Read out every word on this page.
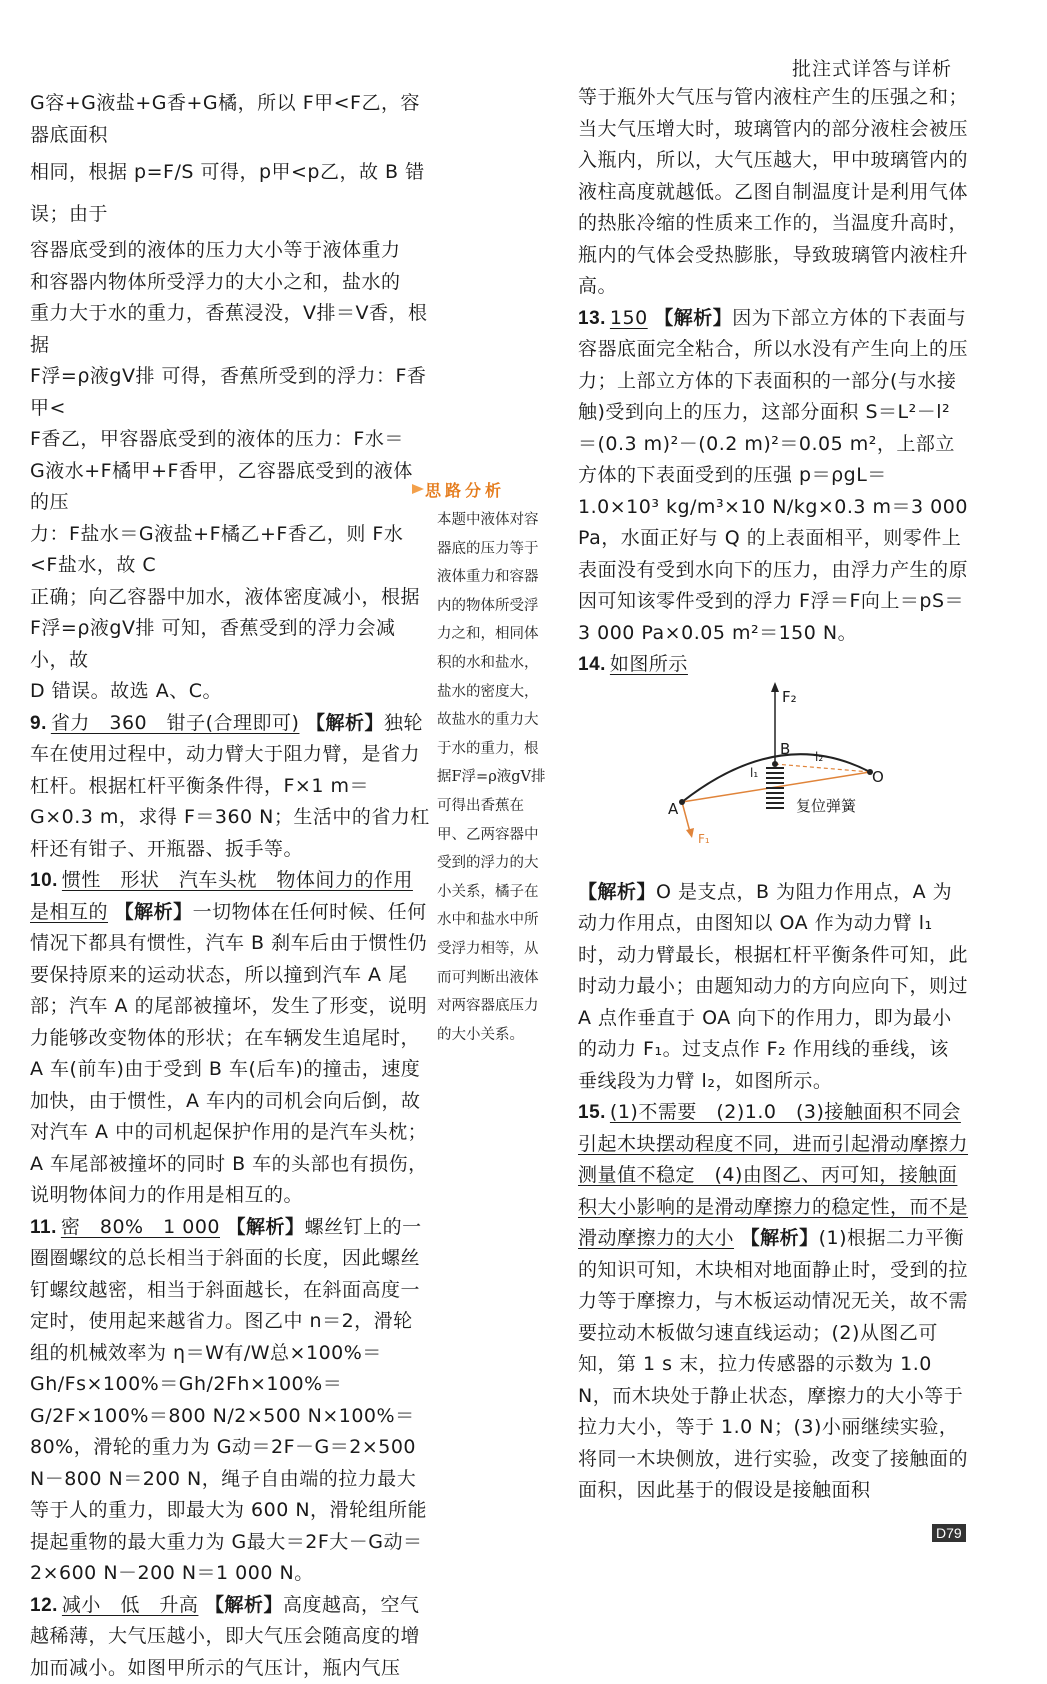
批注式详答与详析

G容+G液盐+G香+G橘，所以 F甲<F乙，容器底面积

相同，根据 p=F/S 可得，p甲<p乙，故 B 错误；由于

容器底受到的液体的压力大小等于液体重力

和容器内物体所受浮力的大小之和，盐水的

重力大于水的重力，香蕉浸没，V排＝V香，根据

F浮=ρ液gV排 可得，香蕉所受到的浮力：F香甲<

F香乙，甲容器底受到的液体的压力：F水＝

G液水+F橘甲+F香甲，乙容器底受到的液体的压

力：F盐水＝G液盐+F橘乙+F香乙，则 F水<F盐水，故 C

正确；向乙容器中加水，液体密度减小，根据

F浮=ρ液gV排 可知，香蕉受到的浮力会减小，故

D 错误。故选 A、C。

9. 省力　360　钳子(合理即可) 【解析】独轮车在使用过程中，动力臂大于阻力臂，是省力杠杆。根据杠杆平衡条件得，F×1 m＝G×0.3 m，求得 F＝360 N；生活中的省力杠杆还有钳子、开瓶器、扳手等。

10. 惯性　形状　汽车头枕　物体间力的作用是相互的 【解析】一切物体在任何时候、任何情况下都具有惯性，汽车 B 刹车后由于惯性仍要保持原来的运动状态，所以撞到汽车 A 尾部；汽车 A 的尾部被撞坏，发生了形变，说明力能够改变物体的形状；在车辆发生追尾时，A 车(前车)由于受到 B 车(后车)的撞击，速度加快，由于惯性，A 车内的司机会向后倒，故对汽车 A 中的司机起保护作用的是汽车头枕；A 车尾部被撞坏的同时 B 车的头部也有损伤，说明物体间力的作用是相互的。

11. 密　80%　1 000 【解析】螺丝钉上的一圈圈螺纹的总长相当于斜面的长度，因此螺丝钉螺纹越密，相当于斜面越长，在斜面高度一定时，使用起来越省力。图乙中 n＝2，滑轮组的机械效率为 η＝W有/W总×100%＝Gh/Fs×100%＝Gh/2Fh×100%＝G/2F×100%＝800 N/2×500 N×100%＝80%，滑轮的重力为 G动＝2F－G＝2×500 N－800 N＝200 N，绳子自由端的拉力最大等于人的重力，即最大为 600 N，滑轮组所能提起重物的最大重力为 G最大＝2F大－G动＝2×600 N－200 N＝1 000 N。

12. 减小　低　升高 【解析】高度越高，空气越稀薄，大气压越小，即大气压会随高度的增加而减小。如图甲所示的气压计，瓶内气压

思路分析
本题中液体对容器底的压力等于液体重力和容器内的物体所受浮力之和，相同体积的水和盐水，盐水的密度大，故盐水的重力大于水的重力，根据F浮=ρ液gV排可得出香蕉在甲、乙两容器中受到的浮力的大小关系，橘子在水中和盐水中所受浮力相等，从而可判断出液体对两容器底压力的大小关系。

等于瓶外大气压与管内液柱产生的压强之和；当大气压增大时，玻璃管内的部分液柱会被压入瓶内，所以，大气压越大，甲中玻璃管内的液柱高度就越低。乙图自制温度计是利用气体的热胀冷缩的性质来工作的，当温度升高时，瓶内的气体会受热膨胀，导致玻璃管内液柱升高。

13. 150 【解析】因为下部立方体的下表面与容器底面完全粘合，所以水没有产生向上的压力；上部立方体的下表面积的一部分(与水接触)受到向上的压力，这部分面积 S＝L²－l²＝(0.3 m)²－(0.2 m)²＝0.05 m²，上部立方体的下表面受到的压强 p＝ρgL＝1.0×10³ kg/m³×10 N/kg×0.3 m＝3 000 Pa，水面正好与 Q 的上表面相平，则零件上表面没有受到水向下的压力，由浮力产生的原因可知该零件受到的浮力 F浮＝F向上＝pS＝3 000 Pa×0.05 m²＝150 N。

14. 如图所示

【解析】O 是支点，B 为阻力作用点，A 为动力作用点，由图知以 OA 作为动力臂 l₁ 时，动力臂最长，根据杠杆平衡条件可知，此时动力最小；由题知动力的方向应向下，则过 A 点作垂直于 OA 向下的作用力，即为最小的动力 F₁。过支点作 F₂ 作用线的垂线，该垂线段为力臂 l₂，如图所示。

15. (1)不需要　(2)1.0　(3)接触面积不同会引起木块摆动程度不同，进而引起滑动摩擦力测量值不稳定　(4)由图乙、丙可知，接触面积大小影响的是滑动摩擦力的稳定性，而不是滑动摩擦力的大小 【解析】(1)根据二力平衡的知识可知，木块相对地面静止时，受到的拉力等于摩擦力，与木板运动情况无关，故不需要拉动木板做匀速直线运动；(2)从图乙可知，第 1 s 末，拉力传感器的示数为 1.0 N，而木块处于静止状态，摩擦力的大小等于拉力大小，等于 1.0 N；(3)小丽继续实验，将同一木块侧放，进行实验，改变了接触面的面积，因此基于的假设是接触面积

F₂
B l₂
l₁	O
A
F₁
复位弹簧
D79
